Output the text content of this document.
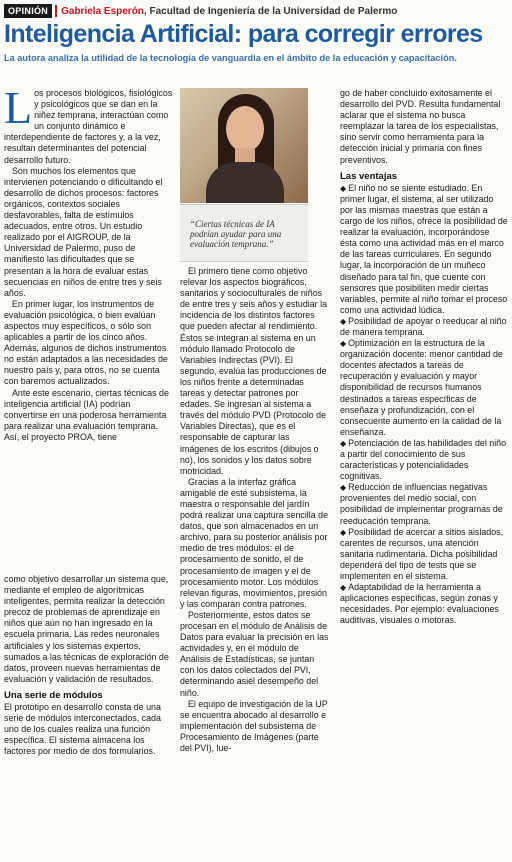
OPINIÓN	Gabriela Esperón, Facultad de Ingeniería de la Universidad de Palermo
Inteligencia Artificial: para corregir errores
La autora analiza la utilidad de la tecnología de vanguardia en el ámbito de la educación y capacitación.

Los procesos biológicos, fisiológicos y psicológicos que se dan en la niñez temprana, interactúan como un conjunto dinámico e interdependiente de factores y, a la vez, resultan determinantes del potencial desarrollo futuro.

Son muchos los elementos que intervienen potenciando o dificultando el desarrollo de dichos procesos: factores orgánicos, contextos sociales desfavorables, falta de estímulos adecuados, entre otros. Un estudio realizado por el AIGROUP, de la Universidad de Palermo, puso de manifiesto las dificultades que se presentan a la hora de evaluar estas secuencias en niños de entre tres y seis años.

En primer lugar, los instrumentos de evaluación psicológica, o bien evalúan aspectos muy específicos, o sólo son aplicables a partir de los cinco años. Además, algunos de dichos instrumentos no están adaptados a las necesidades de nuestro país y, para otros, no se cuenta con baremos actualizados.

Ante este escenario, ciertas técnicas de inteligencia artificial (IA) podrían convertirse en una poderosa herramienta para realizar una evaluación temprana. Así, el proyecto PROA, tiene

“Ciertas técnicas de IA podrían ayudar para una evaluación temprana.”

como objetivo desarrollar un sistema que, mediante el empleo de algorítmicas inteligentes, permita realizar la detección precoz de problemas de aprendizaje en niños que aún no han ingresado en la escuela primaria. Las redes neuronales artificiales y los sistemas expertos, sumados a las técnicas de exploración de datos, proveen nuevas herramientas de evaluación y validación de resultados.

Una serie de módulos

El prototipo en desarrollo consta de una serie de módulos interconectados, cada uno de los cuales realiza una función específica. El sistema almacena los factores por medio de dos formularios.

El primero tiene como objetivo relevar los aspectos biográficos, sanitarios y socioculturales de niños de entre tres y seis años y estudiar la incidencia de los distintos factores que pueden afectar al rendimiento. Éstos se integran al sistema en un módulo llamado Protocolo de Variables Indirectas (PVI). El segundo, evalúa las producciones de los niños frente a determinadas tareas y detectar patrones por edades. Se ingresan al sistema a través del módulo PVD (Protocolo de Variables Directas), que es el responsable de capturar las imágenes de los escritos (dibujos o no), los sonidos y los datos sobre motricidad.

Gracias a la interfaz gráfica amigable de este subsistema, la maestra o responsable del jardín podrá realizar una captura sencilla de datos, que son almacenados en un archivo, para su posterior análisis por medio de tres módulos: el de procesamiento de sonido, el de procesamiento de imagen y el de procesamiento motor. Los módulos relevan figuras, movimientos, presión y las comparan contra patrones.

Posteriormente, estos datos se procesan en el módulo de Análisis de Datos para evaluar la precisión en las actividades y, en el módulo de Análisis de Estadísticas, se juntan con los datos colectados del PVI, determinando asiél desempeño del niño.

El equipo de investigación de la UP se encuentra abocado al desarrollo e implementación del subsistema de Procesamiento de Imágenes (parte del PVI), lue-

go de haber concluido exitosamente el desarrollo del PVD. Resulta fundamental aclarar que el sistema no busca reemplazar la tarea de los especialistas, sino servir como herramienta para la detección inicial y primaria con fines preventivos.

Las ventajas
◆ El niño no se siente estudiado. En primer lugar, el sistema, al ser utilizado por las mismas maestras que están a cargo de los niños, ofrece la posibilidad de realizar la evaluación, incorporándose ésta como una actividad más en el marco de las tareas curriculares. En segundo lugar, la incorporación de un muñeco diseñado para tal fin, que cuente con sensores que posibiliten medir ciertas variables, permite al niño tomar el proceso como una actividad lúdica.
◆ Posibilidad de apoyar o reeducar al niño de manera temprana.
◆ Optimización en la estructura de la organización docente: menor cantidad de docentes afectados a tareas de recuperación y evaluación y mayor disponibilidad de recursos humanos destinados a tareas específicas de enseñaza y profundización, con el consecuente aumento en la calidad de la enseñanza.
◆ Potenciación de las habilidades del niño a partir del conocimiento de sus características y potencialidades cognitivas.
◆ Reducción de influencias negativas provenientes del medio social, con posibilidad de implementar programas de reeducación temprana.
◆ Posibilidad de acercar a sitios aislados, carentes de recursos, una atención sanitaria rudimentaria. Dicha posibilidad dependerá del tipo de tests que se implementen en el sistema.
◆ Adaptabilidad de la herramienta a aplicaciones específicas, según zonas y necesidades. Por ejemplo: evaluaciones auditivas, visuales o motoras.
